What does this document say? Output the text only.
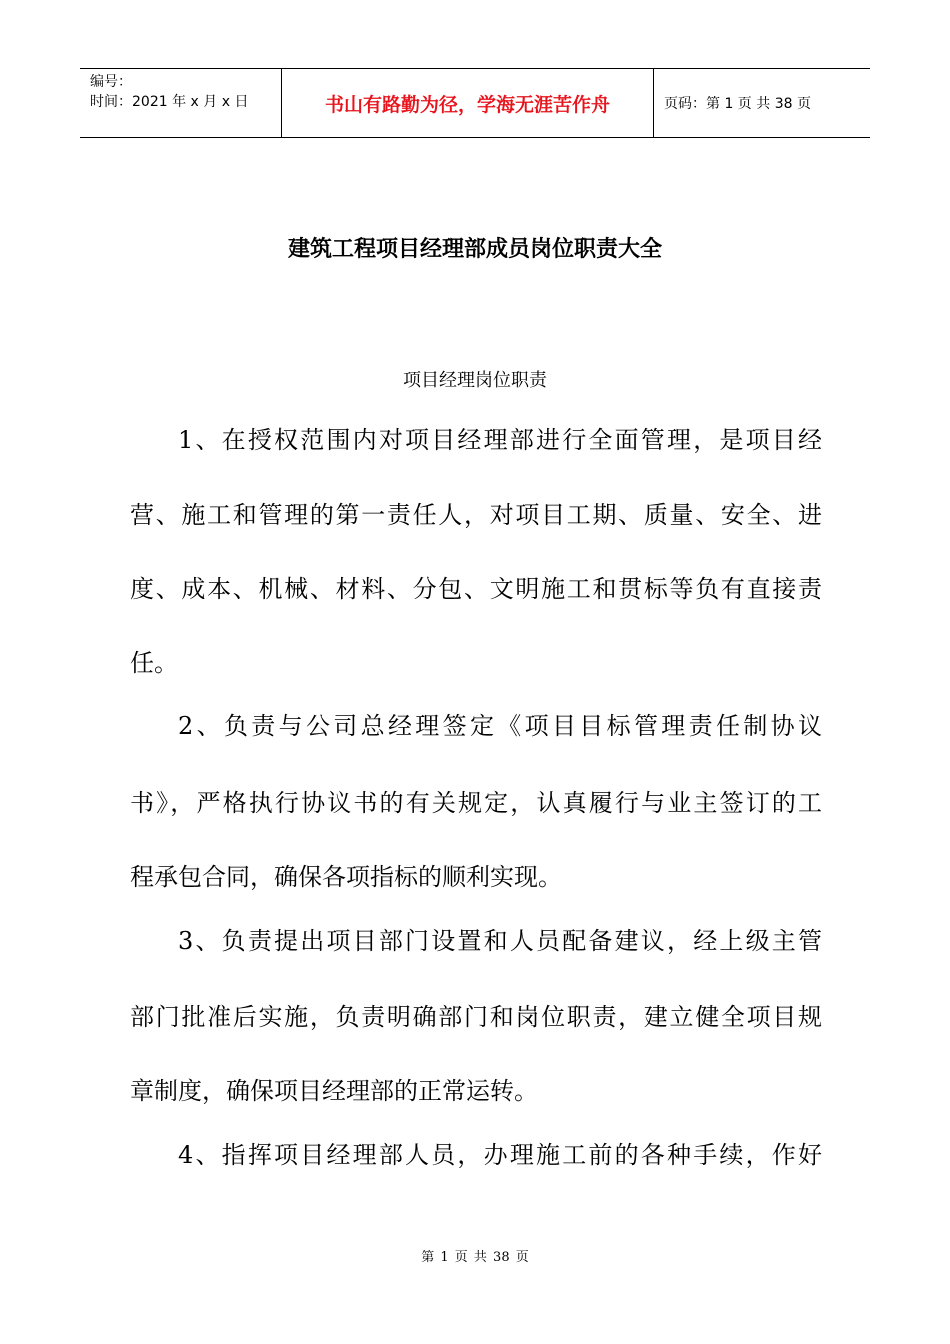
编号：
时间：2021 年 x 月 x 日	书山有路勤为径，学海无涯苦作舟	页码：第 1 页 共 38 页
建筑工程项目经理部成员岗位职责大全
项目经理岗位职责
1、在授权范围内对项目经理部进行全面管理，是项目经
营、施工和管理的第一责任人，对项目工期、质量、安全、进
度、成本、机械、材料、分包、文明施工和贯标等负有直接责
任。
2、负责与公司总经理签定《项目目标管理责任制协议
书》，严格执行协议书的有关规定，认真履行与业主签订的工
程承包合同，确保各项指标的顺利实现。
3、负责提出项目部门设置和人员配备建议，经上级主管
部门批准后实施，负责明确部门和岗位职责，建立健全项目规
章制度，确保项目经理部的正常运转。
4、指挥项目经理部人员，办理施工前的各种手续，作好
第 1 页 共 38 页
